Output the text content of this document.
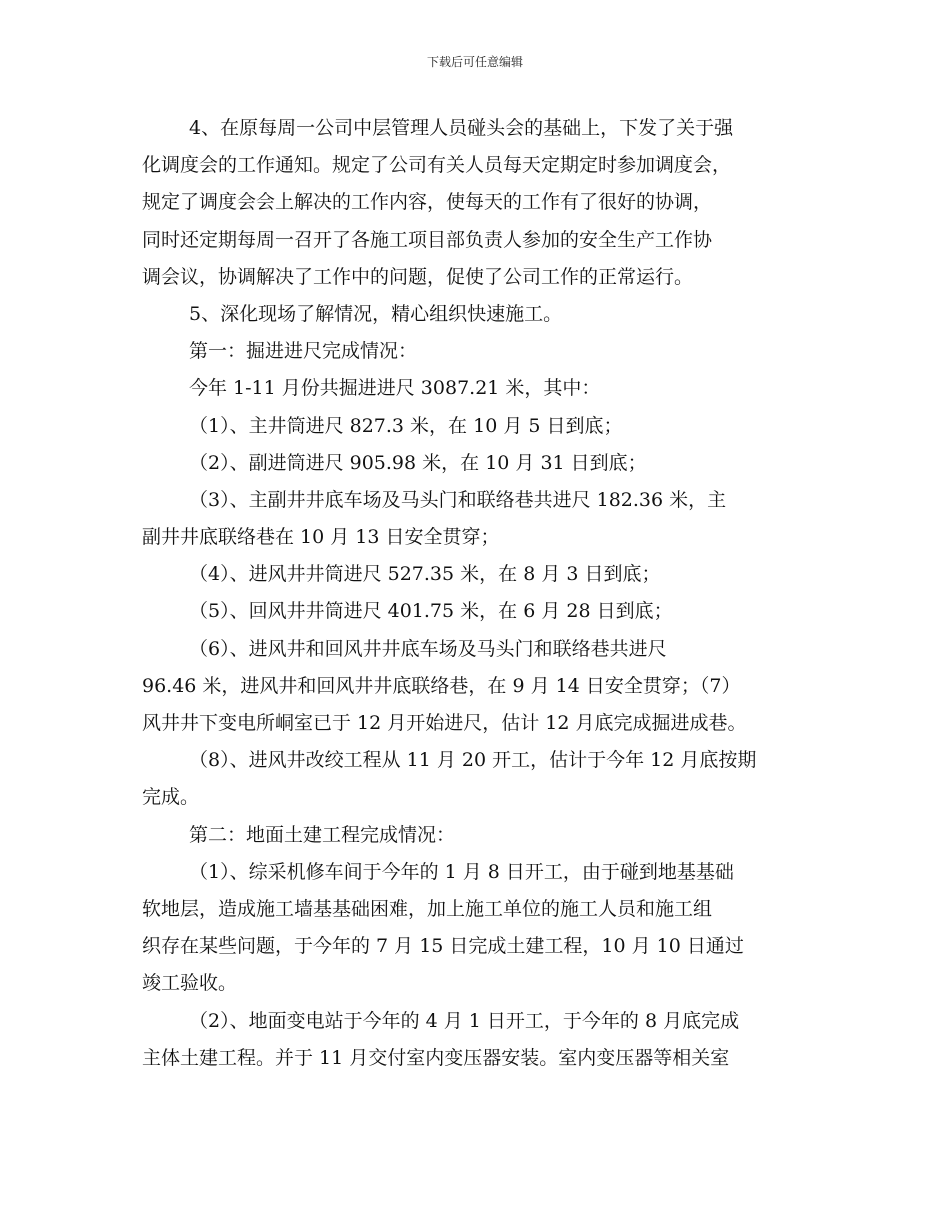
下载后可任意编辑
4、在原每周一公司中层管理人员碰头会的基础上，下发了关于强
化调度会的工作通知。规定了公司有关人员每天定期定时参加调度会，
规定了调度会会上解决的工作内容，使每天的工作有了很好的协调，
同时还定期每周一召开了各施工项目部负责人参加的安全生产工作协
调会议，协调解决了工作中的问题，促使了公司工作的正常运行。
5、深化现场了解情况，精心组织快速施工。
第一：掘进进尺完成情况：
今年 1-11 月份共掘进进尺 3087.21 米，其中：
（1）、主井筒进尺 827.3 米，在 10 月 5 日到底；
（2）、副进筒进尺 905.98 米，在 10 月 31 日到底；
（3）、主副井井底车场及马头门和联络巷共进尺 182.36 米，主
副井井底联络巷在 10 月 13 日安全贯穿；
（4）、进风井井筒进尺 527.35 米，在 8 月 3 日到底；
（5）、回风井井筒进尺 401.75 米，在 6 月 28 日到底；
（6）、进风井和回风井井底车场及马头门和联络巷共进尺
96.46 米，进风井和回风井井底联络巷，在 9 月 14 日安全贯穿；（7）
风井井下变电所峒室已于 12 月开始进尺，估计 12 月底完成掘进成巷。
（8）、进风井改绞工程从 11 月 20 开工，估计于今年 12 月底按期
完成。
第二：地面土建工程完成情况：
（1）、综采机修车间于今年的 1 月 8 日开工，由于碰到地基基础
软地层，造成施工墙基基础困难，加上施工单位的施工人员和施工组
织存在某些问题，于今年的 7 月 15 日完成土建工程，10 月 10 日通过
竣工验收。
（2）、地面变电站于今年的 4 月 1 日开工，于今年的 8 月底完成
主体土建工程。并于 11 月交付室内变压器安装。室内变压器等相关室
